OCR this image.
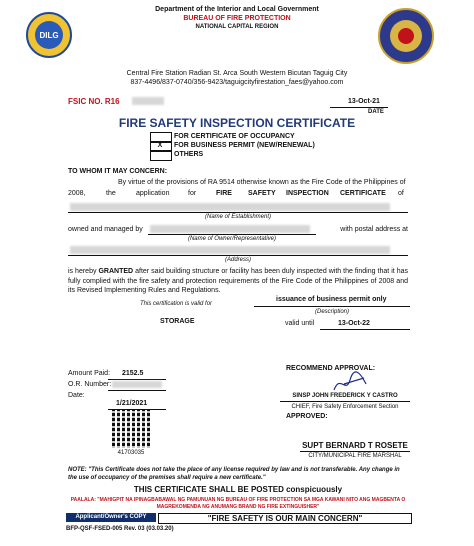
DILG
Department of the Interior and Local Government
BUREAU OF FIRE PROTECTION
NATIONAL CAPITAL REGION
Central Fire Station Radian St. Arca South Western Bicutan Taguig City
837-4496/837-0740/356-9423/taguigcityfirestation_faes@yahoo.com
FSIC NO. R16	13-Oct-21
DATE
FIRE SAFETY INSPECTION CERTIFICATE
X
FOR CERTIFICATE OF OCCUPANCY
FOR BUSINESS PERMIT (NEW/RENEWAL)
OTHERS
TO WHOM IT MAY CONCERN:
By virtue of the provisions of RA 9514 otherwise known as the Fire Code of the Philippines of
2008,	the	application	for	FIRE SAFETY INSPECTION CERTIFICATE of
(Name of Establishment)
owned and managed by	with postal address at
(Name of Owner/Representative)
(Address)
is hereby GRANTED after said building structure or facility has been duly inspected with the finding that it has fully complied with the fire safety and protection requirements of the Fire Code of the Philippines of 2008 and its Revised Implementing Rules and Regulations.
This certification is valid for
issuance of business permit only
STORAGE
(Description)
valid until	13-Oct-22
Amount Paid: 2152.5
O.R. Number:
Date:
1/21/2021
41703035
RECOMMEND APPROVAL:
SINSP JOHN FREDERICK Y CASTRO
CHIEF, Fire Safety Enforcement Section
APPROVED:
SUPT BERNARD T ROSETE
CITY/MUNICIPAL FIRE MARSHAL
NOTE: "This Certificate does not take the place of any license required by law and is not transferable. Any change in the use of occupancy of the premises shall require a new certificate."
THIS CERTIFICATE SHALL BE POSTED conspicuously
PAALALA: "MAHIGPIT NA IPINAGBABAWAL NG PAMUNUAN NG BUREAU OF FIRE PROTECTION SA MGA KAWANI NITO ANG MAGBENTA O MAGREKOMENDA NG ANUMANG BRAND NG FIRE EXTINGUISHER"
Applicant/Owner's COPY	"FIRE SAFETY IS OUR MAIN CONCERN"
BFP-QSF-FSED-005 Rev. 03 (03.03.20)
